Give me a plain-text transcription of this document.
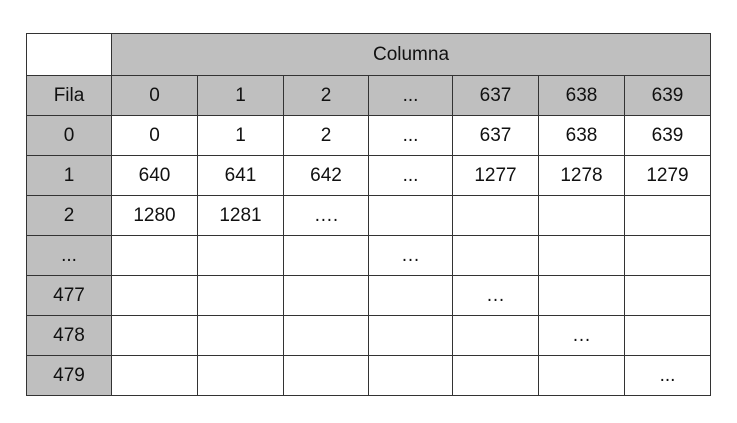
	Columna						
Fila	0	1	2	...	637	638	639
0	0	1	2	...	637	638	639
1	640	641	642	...	1277	1278	1279
2	1280	1281	….				
...				…			
477					…		
478						…	
479							...
